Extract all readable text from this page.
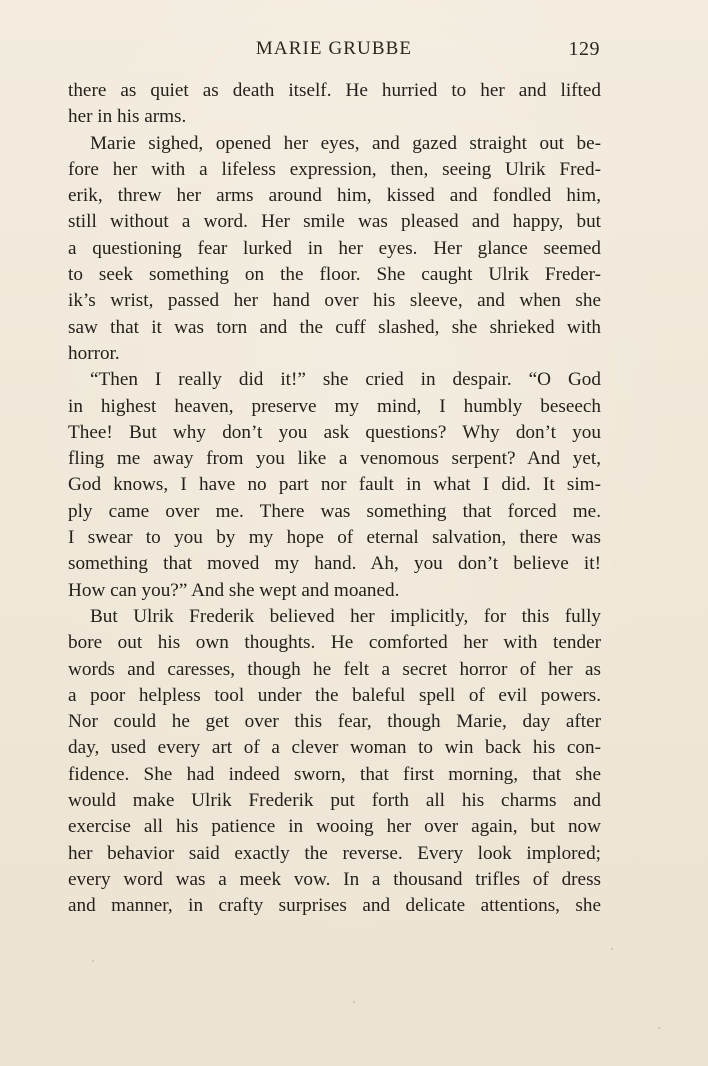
MARIE GRUBBE	129
there as quiet as death itself. He hurried to her and lifted
her in his arms.
Marie sighed, opened her eyes, and gazed straight out be-
fore her with a lifeless expression, then, seeing Ulrik Fred-
erik, threw her arms around him, kissed and fondled him,
still without a word. Her smile was pleased and happy, but
a questioning fear lurked in her eyes. Her glance seemed
to seek something on the floor. She caught Ulrik Freder-
ik’s wrist, passed her hand over his sleeve, and when she
saw that it was torn and the cuff slashed, she shrieked with
horror.
“Then I really did it!” she cried in despair. “O God
in highest heaven, preserve my mind, I humbly beseech
Thee! But why don’t you ask questions? Why don’t you
fling me away from you like a venomous serpent? And yet,
God knows, I have no part nor fault in what I did. It sim-
ply came over me. There was something that forced me.
I swear to you by my hope of eternal salvation, there was
something that moved my hand. Ah, you don’t believe it!
How can you?” And she wept and moaned.
But Ulrik Frederik believed her implicitly, for this fully
bore out his own thoughts. He comforted her with tender
words and caresses, though he felt a secret horror of her as
a poor helpless tool under the baleful spell of evil powers.
Nor could he get over this fear, though Marie, day after
day, used every art of a clever woman to win back his con-
fidence. She had indeed sworn, that first morning, that she
would make Ulrik Frederik put forth all his charms and
exercise all his patience in wooing her over again, but now
her behavior said exactly the reverse. Every look implored;
every word was a meek vow. In a thousand trifles of dress
and manner, in crafty surprises and delicate attentions, she
